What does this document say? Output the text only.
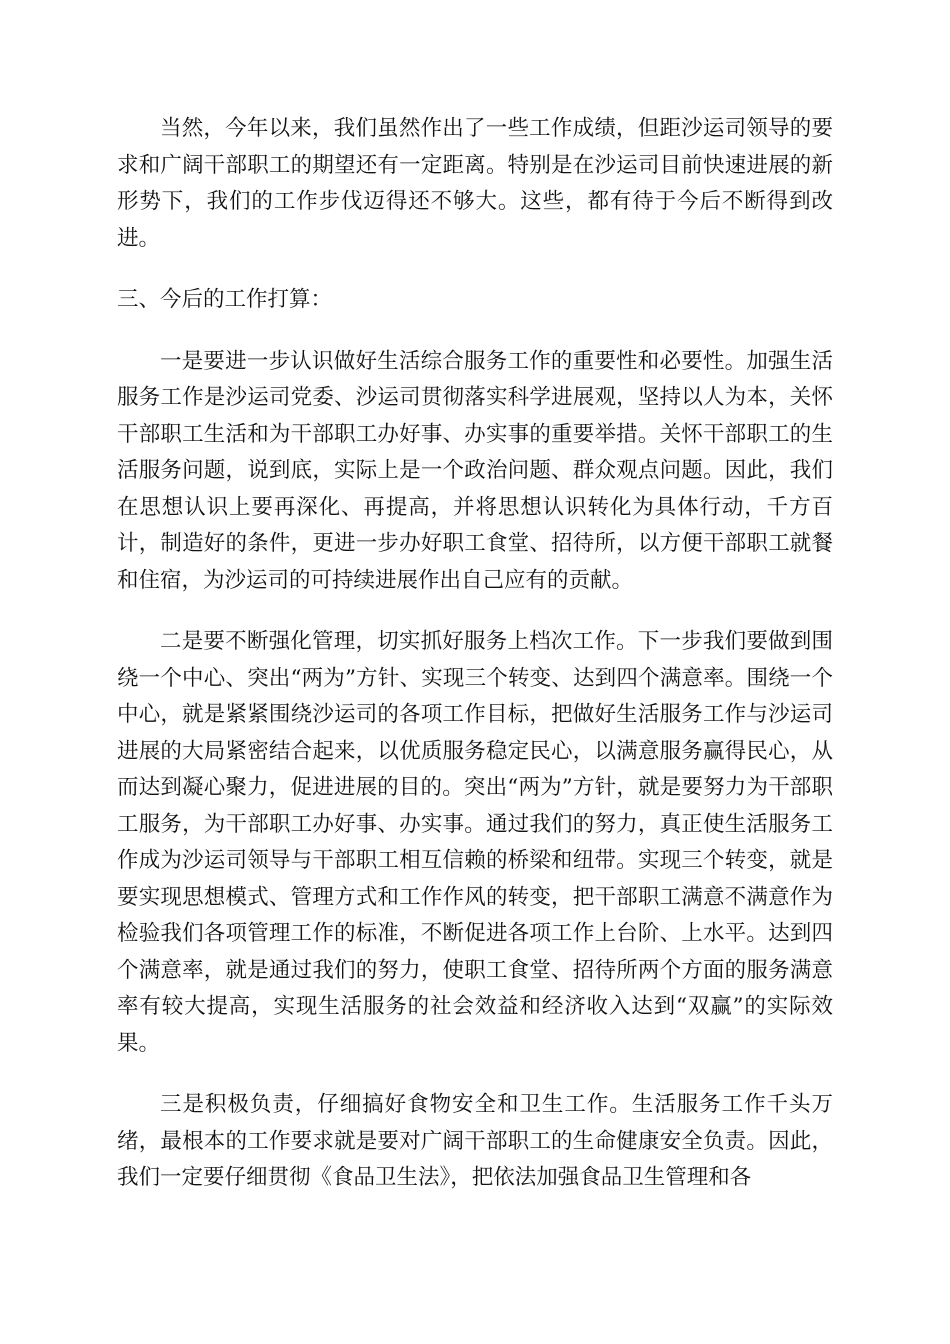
当然，今年以来，我们虽然作出了一些工作成绩，但距沙运司领导的要求和广阔干部职工的期望还有一定距离。特别是在沙运司目前快速进展的新形势下，我们的工作步伐迈得还不够大。这些，都有待于今后不断得到改进。

三、今后的工作打算：

一是要进一步认识做好生活综合服务工作的重要性和必要性。加强生活服务工作是沙运司党委、沙运司贯彻落实科学进展观，坚持以人为本，关怀干部职工生活和为干部职工办好事、办实事的重要举措。关怀干部职工的生活服务问题，说到底，实际上是一个政治问题、群众观点问题。因此，我们在思想认识上要再深化、再提高，并将思想认识转化为具体行动，千方百计，制造好的条件，更进一步办好职工食堂、招待所，以方便干部职工就餐和住宿，为沙运司的可持续进展作出自己应有的贡献。

二是要不断强化管理，切实抓好服务上档次工作。下一步我们要做到围绕一个中心、突出“两为”方针、实现三个转变、达到四个满意率。围绕一个中心，就是紧紧围绕沙运司的各项工作目标，把做好生活服务工作与沙运司进展的大局紧密结合起来，以优质服务稳定民心，以满意服务赢得民心，从而达到凝心聚力，促进进展的目的。突出“两为”方针，就是要努力为干部职工服务，为干部职工办好事、办实事。通过我们的努力，真正使生活服务工作成为沙运司领导与干部职工相互信赖的桥梁和纽带。实现三个转变，就是要实现思想模式、管理方式和工作作风的转变，把干部职工满意不满意作为检验我们各项管理工作的标准，不断促进各项工作上台阶、上水平。达到四个满意率，就是通过我们的努力，使职工食堂、招待所两个方面的服务满意率有较大提高，实现生活服务的社会效益和经济收入达到“双赢”的实际效果。

三是积极负责，仔细搞好食物安全和卫生工作。生活服务工作千头万绪，最根本的工作要求就是要对广阔干部职工的生命健康安全负责。因此，我们一定要仔细贯彻《食品卫生法》，把依法加强食品卫生管理和各
